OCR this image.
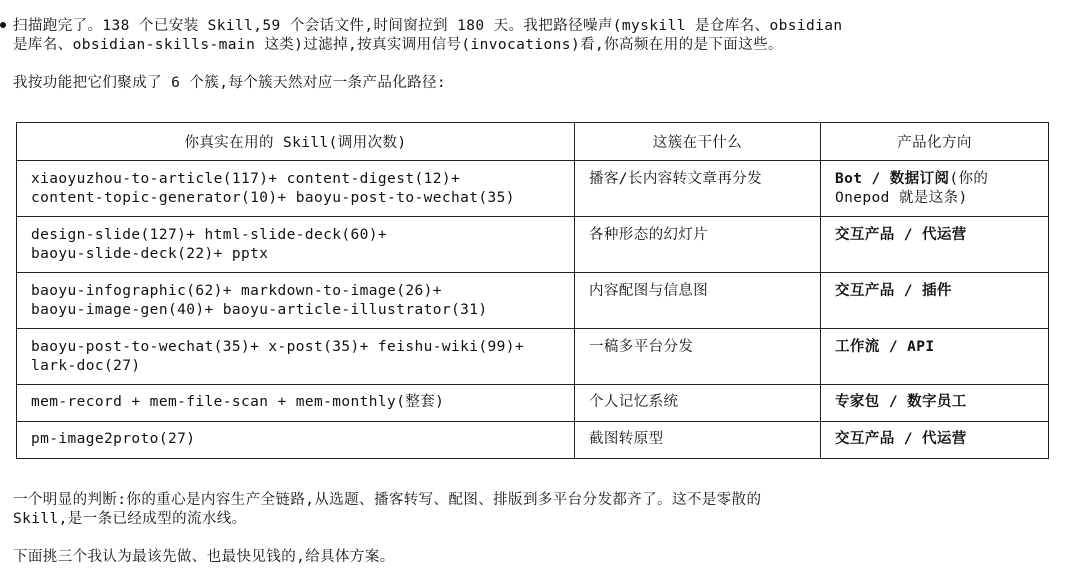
扫描跑完了。138 个已安装 Skill,59 个会话文件,时间窗拉到 180 天。我把路径噪声(myskill 是仓库名、obsidian
是库名、obsidian-skills-main 这类)过滤掉,按真实调用信号(invocations)看,你高频在用的是下面这些。
我按功能把它们聚成了 6 个簇,每个簇天然对应一条产品化路径:
你真实在用的 Skill(调用次数)	这簇在干什么	产品化方向

xiaoyuzhou-to-article(117)+ content-digest(12)+
content-topic-generator(10)+ baoyu-post-to-wechat(35)	播客/长内容转文章再分发	Bot / 数据订阅(你的
Onepod 就是这条)

design-slide(127)+ html-slide-deck(60)+
baoyu-slide-deck(22)+ pptx	各种形态的幻灯片	交互产品 / 代运营

baoyu-infographic(62)+ markdown-to-image(26)+
baoyu-image-gen(40)+ baoyu-article-illustrator(31)	内容配图与信息图	交互产品 / 插件

baoyu-post-to-wechat(35)+ x-post(35)+ feishu-wiki(99)+
lark-doc(27)	一稿多平台分发	工作流 / API

mem-record + mem-file-scan + mem-monthly(整套)	个人记忆系统	专家包 / 数字员工

pm-image2proto(27)	截图转原型	交互产品 / 代运营
一个明显的判断:你的重心是内容生产全链路,从选题、播客转写、配图、排版到多平台分发都齐了。这不是零散的
Skill,是一条已经成型的流水线。
下面挑三个我认为最该先做、也最快见钱的,给具体方案。
